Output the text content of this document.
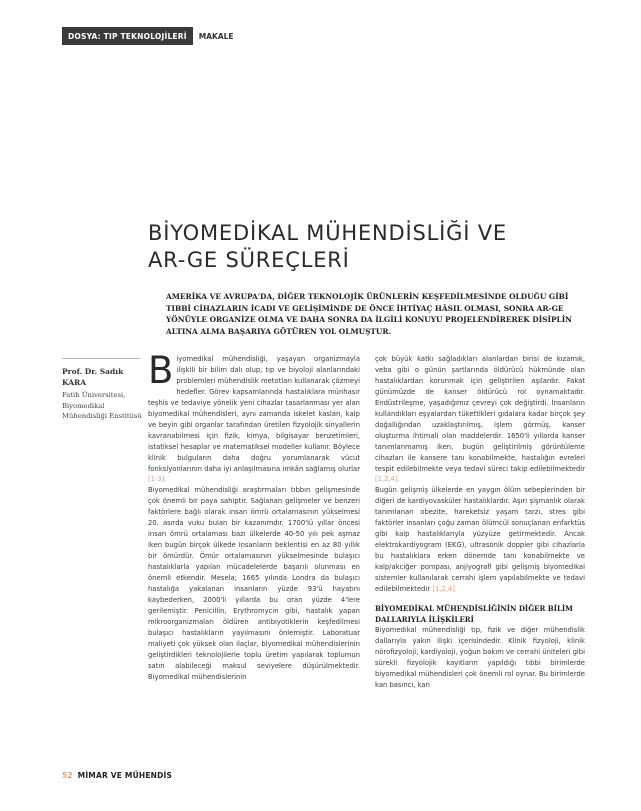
DOSYA: TIP TEKNOLOJİLERİ	MAKALE
BİYOMEDİKAL MÜHENDİSLİĞİ VE
AR-GE SÜREÇLERİ

AMERİKA VE AVRUPA'DA, DİĞER TEKNOLOJİK ÜRÜNLERİN KEŞFEDİLMESİNDE OLDUĞU GİBİ TIBBİ CİHAZLARIN İCADI VE GELİŞİMİNDE DE ÖNCE İHTİYAÇ HÂSIL OLMASI, SONRA AR-GE YÖNÜYLE ORGANİZE OLMA VE DAHA SONRA DA İLGİLİ KONUYU PROJELENDİREREK DİSİPLİN ALTINA ALMA BAŞARIYA GÖTÜREN YOL OLMUŞTUR.

Prof. Dr. Sadık KARA
Fatih Üniversitesi, Biyomedikal Mühendisliği Enstitüsü

Biyomedikal mühendisliği, yaşayan organizmayla ilişkili bir bilim dalı olup, tıp ve biyoloji alanlarındaki problemleri mühendislik metotları kullanarak çözmeyi hedefler. Görev kapsamlarında hastalıklara münhasır teşhis ve tedaviye yönelik yeni cihazlar tasarlanması yer alan biyomedikal mühendisleri, aynı zamanda iskelet kasları, kalp ve beyin gibi organlar tarafından üretilen fizyolojik sinyallerin kavranabilmesi için fizik, kimya, bilgisayar benzetimleri, istatiksel hesaplar ve matematiksel modeller kullanır. Böylece klinik bulguların daha doğru yorumlanarak vücut fonksiyonlarının daha iyi anlaşılmasına imkân sağlamış olurlar [1-3].

Biyomedikal mühendisliği araştırmaları tıbbın gelişmesinde çok önemli bir paya sahiptir. Sağlanan gelişmeler ve benzeri faktörlere bağlı olarak insan ömrü ortalamasının yükselmesi 20. asırda vuku bulan bir kazanımdır. 1700'lü yıllar öncesi insan ömrü ortalaması bazı ülkelerde 40-50 yılı pek aşmaz iken bugün birçok ülkede insanların beklentisi en az 80 yıllık bir ömürdür. Ömür ortalamasının yükselmesinde bulaşıcı hastalıklarla yapılan mücadelelerde başarılı olunması en önemli etkendir. Mesela; 1665 yılında Londra da bulaşıcı hastalığa yakalanan insanların yüzde 93'ü hayatını kaybederken, 2000'li yıllarda bu oran yüzde 4'lere gerilemiştir. Penicillin, Erythromycin gibi, hastalık yapan mikroorganizmaları öldüren antibiyotiklerin keşfedilmesi bulaşıcı hastalıkların yayılmasını önlemiştir. Laboratuar maliyeti çok yüksek olan ilaçlar, biyomedikal mühendislerinin geliştirdikleri teknolojilerle toplu üretim yapılarak toplumun satın alabileceği maksul seviyelere düşürülmektedir. Biyomedikal mühendislerinin

çok büyük katkı sağladıkları alanlardan birisi de kızamık, veba gibi o günün şartlarında öldürücü hükmünde olan hastalıklardan korunmak için geliştirilen aşılardır. Fakat günümüzde de kanser öldürücü rol oynamaktadır. Endüstrileşme, yaşadığımız çevreyi çok değiştirdi. İnsanların kullandıkları eşyalardan tükettikleri gıdalara kadar birçok şey doğallığından uzaklaştırılmış, işlem görmüş, kanser oluşturma ihtimali olan maddelerdir. 1650'li yıllarda kanser tanımlanmamış iken, bugün geliştirilmiş görüntüleme cihazları ile kansere tanı konabilmekte, hastalığın evreleri tespit edilebilmekte veya tedavi süreci takip edilebilmektedir [1,2,4].

Bugün gelişmiş ülkelerde en yaygın ölüm sebeplerinden bir diğeri de kardiyovasküler hastalıklardır. Aşırı şişmanlık olarak tanımlanan obezite, hareketsiz yaşam tarzı, stres gibi faktörler insanları çoğu zaman ölümcül sonuçlanan enfarktüs gibi kalp hastalıklarıyla yüzyüze getirmektedir. Ancak elektrokardiyogram (EKG), ultrasonik doppler gibi cihazlarla bu hastalıklara erken dönemde tanı konabilmekte ve kalp/akciğer pompası, anjiyografi gibi gelişmiş biyomedikal sistemler kullanılarak cerrahi işlem yapılabilmekte ve tedavi edilebilmektedir [1,2,4].

BİYOMEDİKAL MÜHENDİSLİĞİNİN DİĞER BİLİM DALLARIYLA İLİŞKİLERİ

Biyomedikal mühendisliği tıp, fizik ve diğer mühendislik dallarıyla yakın ilişki içerisindedir. Klinik fizyoloji, klinik nörofizyoloji, kardiyoloji, yoğun bakım ve cerrahi üniteleri gibi sürekli fizyolojik kayıtların yapıldığı tıbbi birimlerde biyomedikal mühendisleri çok önemli rol oynar. Bu birimlerde kan basıncı, kan

52 MİMAR VE MÜHENDİS
